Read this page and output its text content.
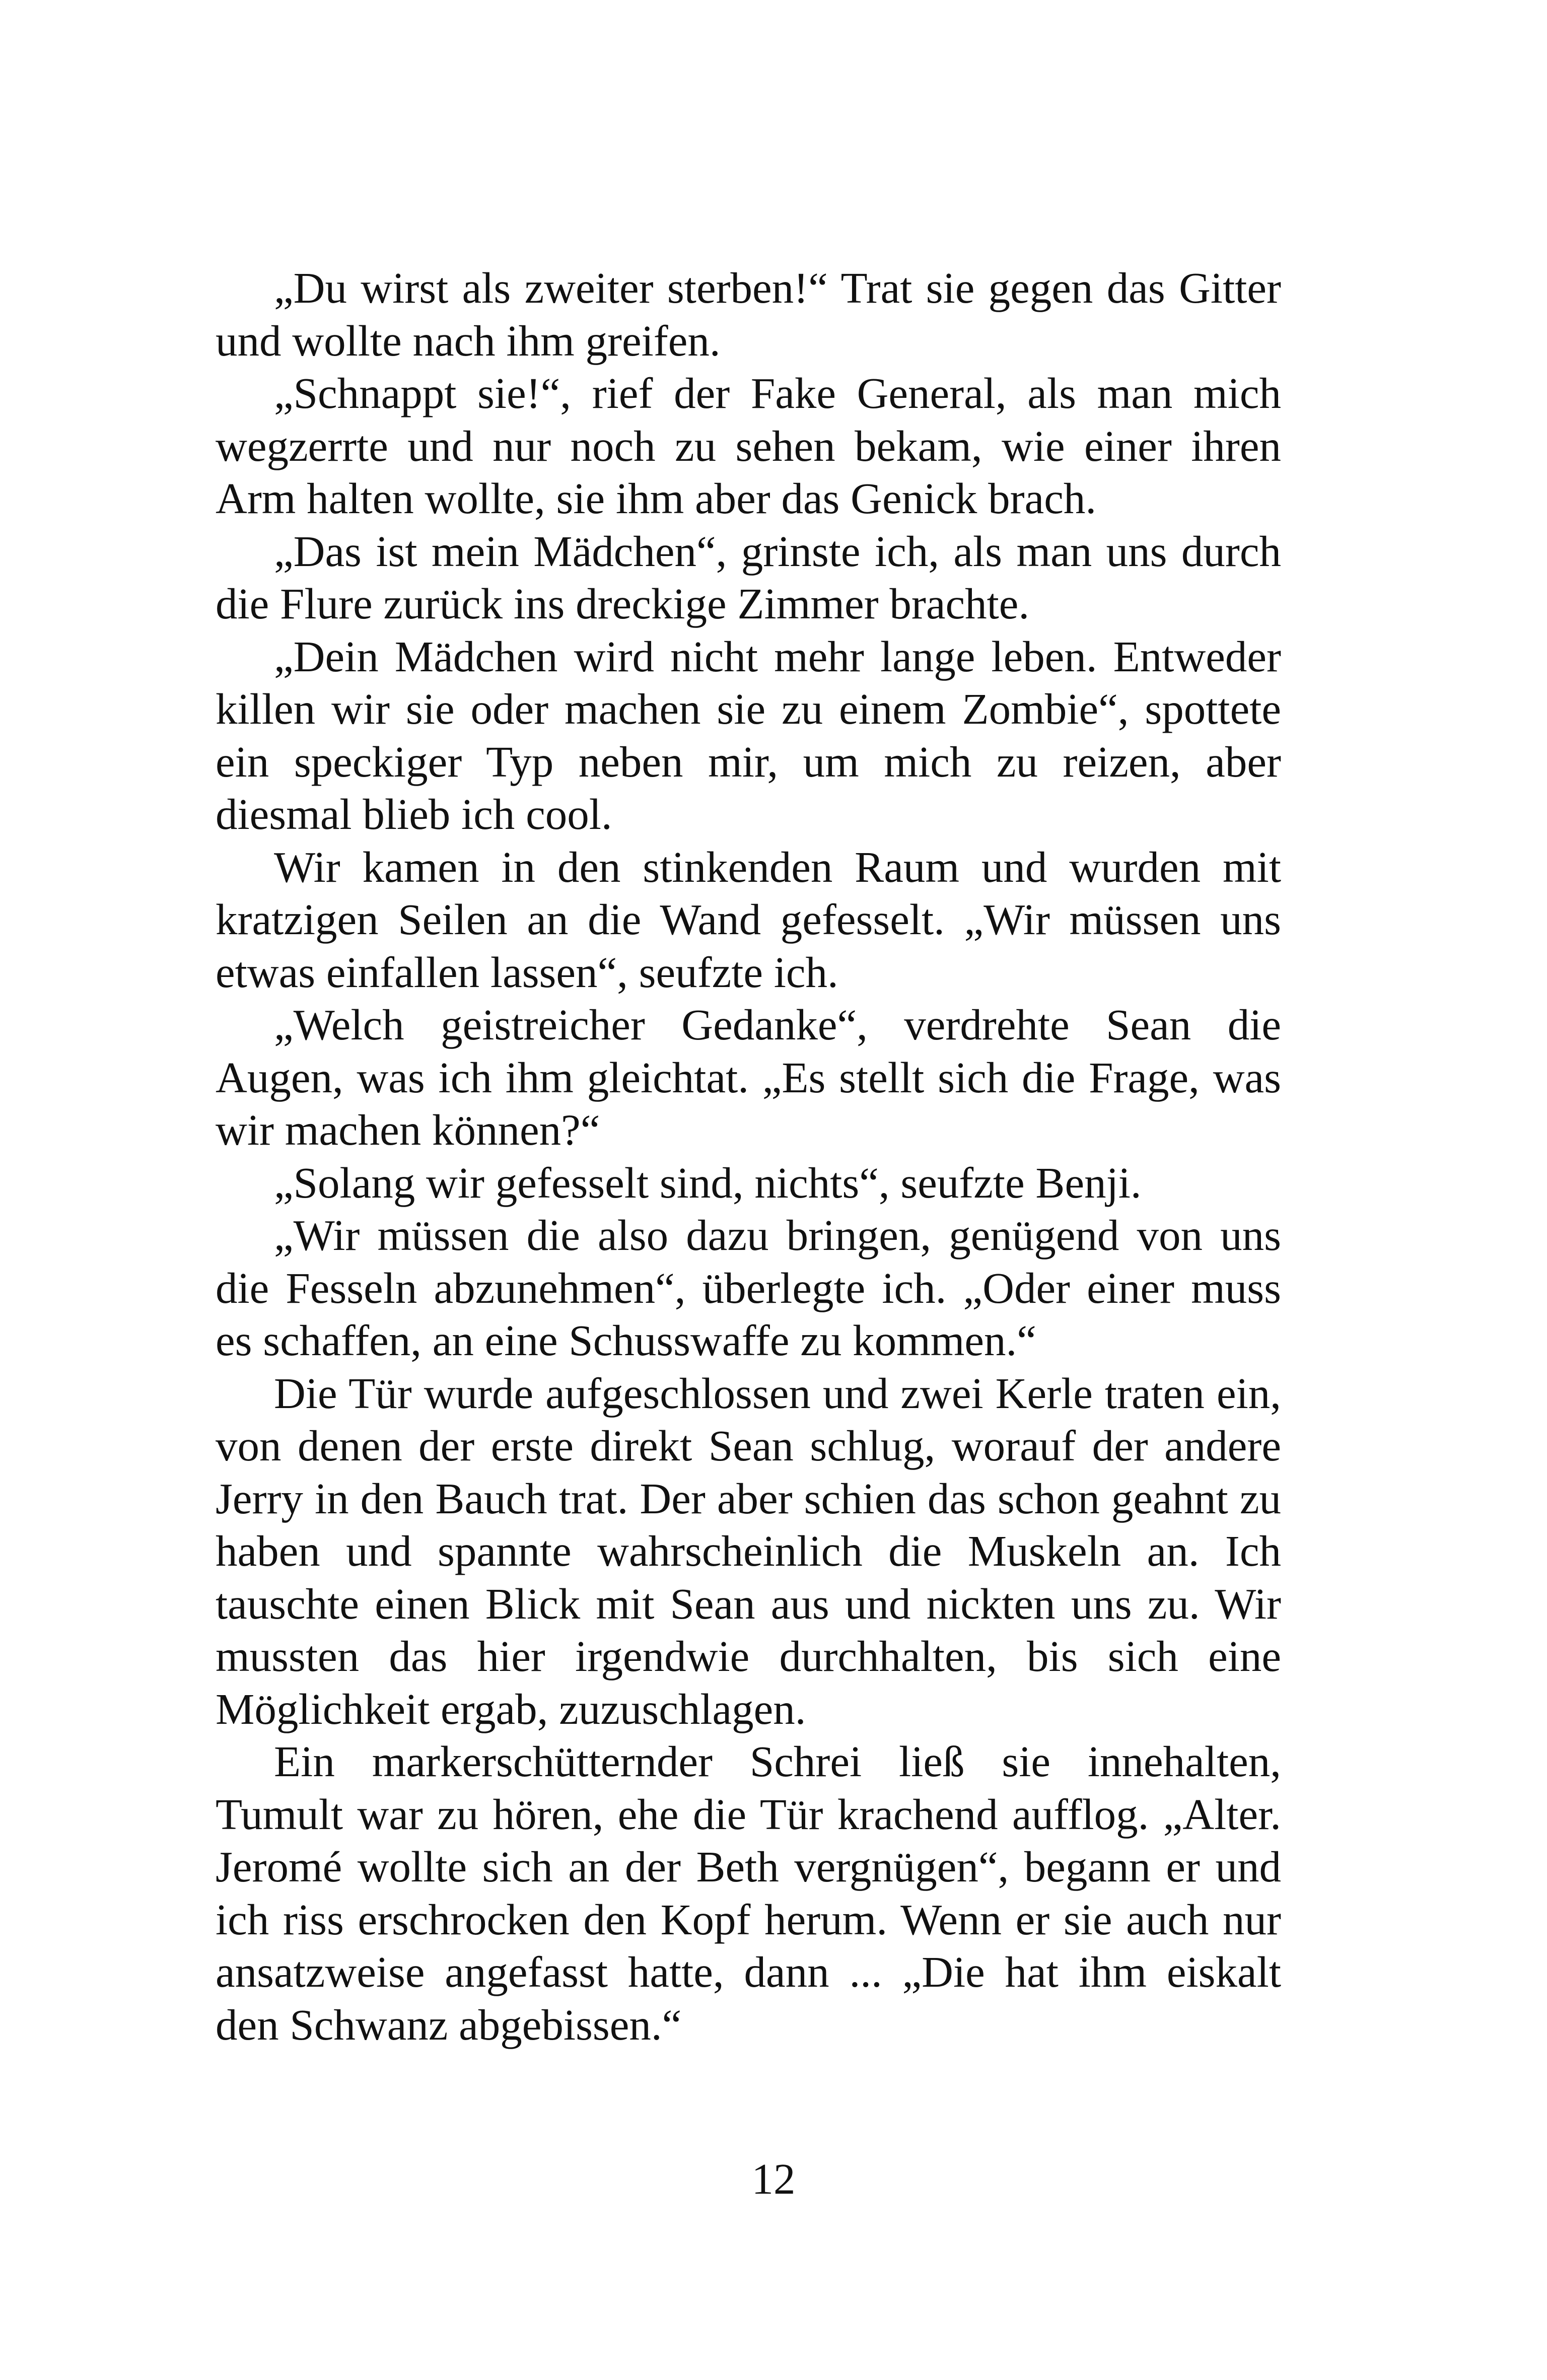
„Du wirst als zweiter sterben!“ Trat sie gegen das Gitter und wollte nach ihm greifen.

„Schnappt sie!“, rief der Fake General, als man mich wegzerrte und nur noch zu sehen bekam, wie einer ihren Arm halten wollte, sie ihm aber das Genick brach.

„Das ist mein Mädchen“, grinste ich, als man uns durch die Flure zurück ins dreckige Zimmer brachte.

„Dein Mädchen wird nicht mehr lange leben. Entweder killen wir sie oder machen sie zu einem Zombie“, spottete ein speckiger Typ neben mir, um mich zu reizen, aber diesmal blieb ich cool.

Wir kamen in den stinkenden Raum und wurden mit kratzigen Seilen an die Wand gefesselt. „Wir müssen uns etwas einfallen lassen“, seufzte ich.

„Welch geistreicher Gedanke“, verdrehte Sean die Augen, was ich ihm gleichtat. „Es stellt sich die Frage, was wir machen können?“

„Solang wir gefesselt sind, nichts“, seufzte Benji.

„Wir müssen die also dazu bringen, genügend von uns die Fesseln abzunehmen“, überlegte ich. „Oder einer muss es schaffen, an eine Schusswaffe zu kommen.“

Die Tür wurde aufgeschlossen und zwei Kerle traten ein, von denen der erste direkt Sean schlug, worauf der andere Jerry in den Bauch trat. Der aber schien das schon geahnt zu haben und spannte wahrscheinlich die Muskeln an. Ich tauschte einen Blick mit Sean aus und nickten uns zu. Wir mussten das hier irgendwie durchhalten, bis sich eine Möglichkeit ergab, zuzuschlagen.

Ein markerschütternder Schrei ließ sie innehalten, Tumult war zu hören, ehe die Tür krachend aufflog. „Alter. Jeromé wollte sich an der Beth vergnügen“, begann er und ich riss erschrocken den Kopf herum. Wenn er sie auch nur ansatzweise angefasst hatte, dann ... „Die hat ihm eiskalt den Schwanz abgebissen.“

12
